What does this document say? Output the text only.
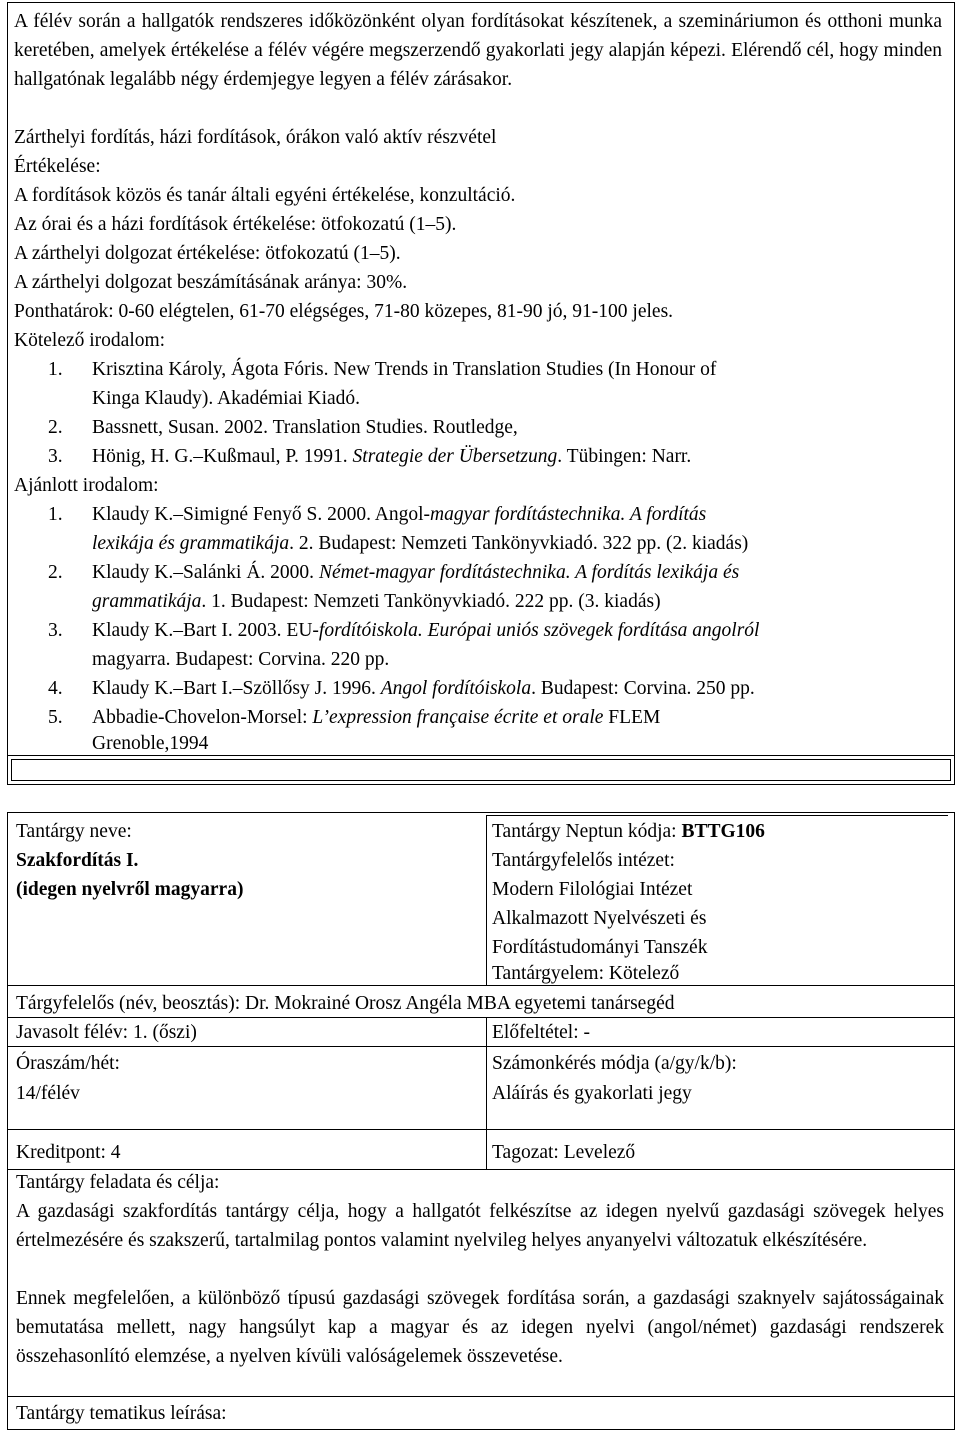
A félév során a hallgatók rendszeres időközönként olyan fordításokat készítenek, a szemináriumon és otthoni munka keretében, amelyek értékelése a félév végére megszerzendő gyakorlati jegy alapján képezi. Elérendő cél, hogy minden hallgatónak legalább négy érdemjegye legyen a félév zárásakor.
Zárthelyi fordítás, házi fordítások, órákon való aktív részvétel
Értékelése:
A fordítások közös és tanár általi egyéni értékelése, konzultáció.
Az órai és a házi fordítások értékelése: ötfokozatú (1–5).
A zárthelyi dolgozat értékelése: ötfokozatú (1–5).
A zárthelyi dolgozat beszámításának aránya: 30%.
Ponthatárok: 0-60 elégtelen, 61-70 elégséges, 71-80 közepes, 81-90 jó, 91-100 jeles.
Kötelező irodalom:
1. Krisztina Károly, Ágota Fóris. New Trends in Translation Studies (In Honour of
Kinga Klaudy). Akadémiai Kiadó.
2. Bassnett, Susan. 2002. Translation Studies. Routledge,
3. Hönig, H. G.–Kußmaul, P. 1991. Strategie der Übersetzung. Tübingen: Narr.
Ajánlott irodalom:
1. Klaudy K.–Simigné Fenyő S. 2000. Angol-magyar fordítástechnika. A fordítás
lexikája és grammatikája. 2. Budapest: Nemzeti Tankönyvkiadó. 322 pp. (2. kiadás)
2. Klaudy K.–Salánki Á. 2000. Német-magyar fordítástechnika. A fordítás lexikája és
grammatikája. 1. Budapest: Nemzeti Tankönyvkiadó. 222 pp. (3. kiadás)
3. Klaudy K.–Bart I. 2003. EU-fordítóiskola. Európai uniós szövegek fordítása angolról
magyarra. Budapest: Corvina. 220 pp.
4. Klaudy K.–Bart I.–Szöllősy J. 1996. Angol fordítóiskola. Budapest: Corvina. 250 pp.
5. Abbadie-Chovelon-Morsel: L’expression française écrite et orale FLEM
Grenoble,1994
Tantárgy neve:
Szakfordítás I.
(idegen nyelvről magyarra)
Tantárgy Neptun kódja: BTTG106
Tantárgyfelelős intézet:
Modern Filológiai Intézet
Alkalmazott Nyelvészeti és
Fordítástudományi Tanszék
Tantárgyelem: Kötelező
Tárgyfelelős (név, beosztás): Dr. Mokrainé Orosz Angéla MBA egyetemi tanársegéd
Javasolt félév: 1. (őszi)	Előfeltétel: -
Óraszám/hét:
14/félév
Számonkérés módja (a/gy/k/b):
Aláírás és gyakorlati jegy
Kreditpont: 4	Tagozat: Levelező
Tantárgy feladata és célja:
A gazdasági szakfordítás tantárgy célja, hogy a hallgatót felkészítse az idegen nyelvű gazdasági szövegek helyes értelmezésére és szakszerű, tartalmilag pontos valamint nyelvileg helyes anyanyelvi változatuk elkészítésére.
Ennek megfelelően, a különböző típusú gazdasági szövegek fordítása során, a gazdasági szaknyelv sajátosságainak bemutatása mellett, nagy hangsúlyt kap a magyar és az idegen nyelvi (angol/német) gazdasági rendszerek összehasonlító elemzése, a nyelven kívüli valóságelemek összevetése.
Tantárgy tematikus leírása:
